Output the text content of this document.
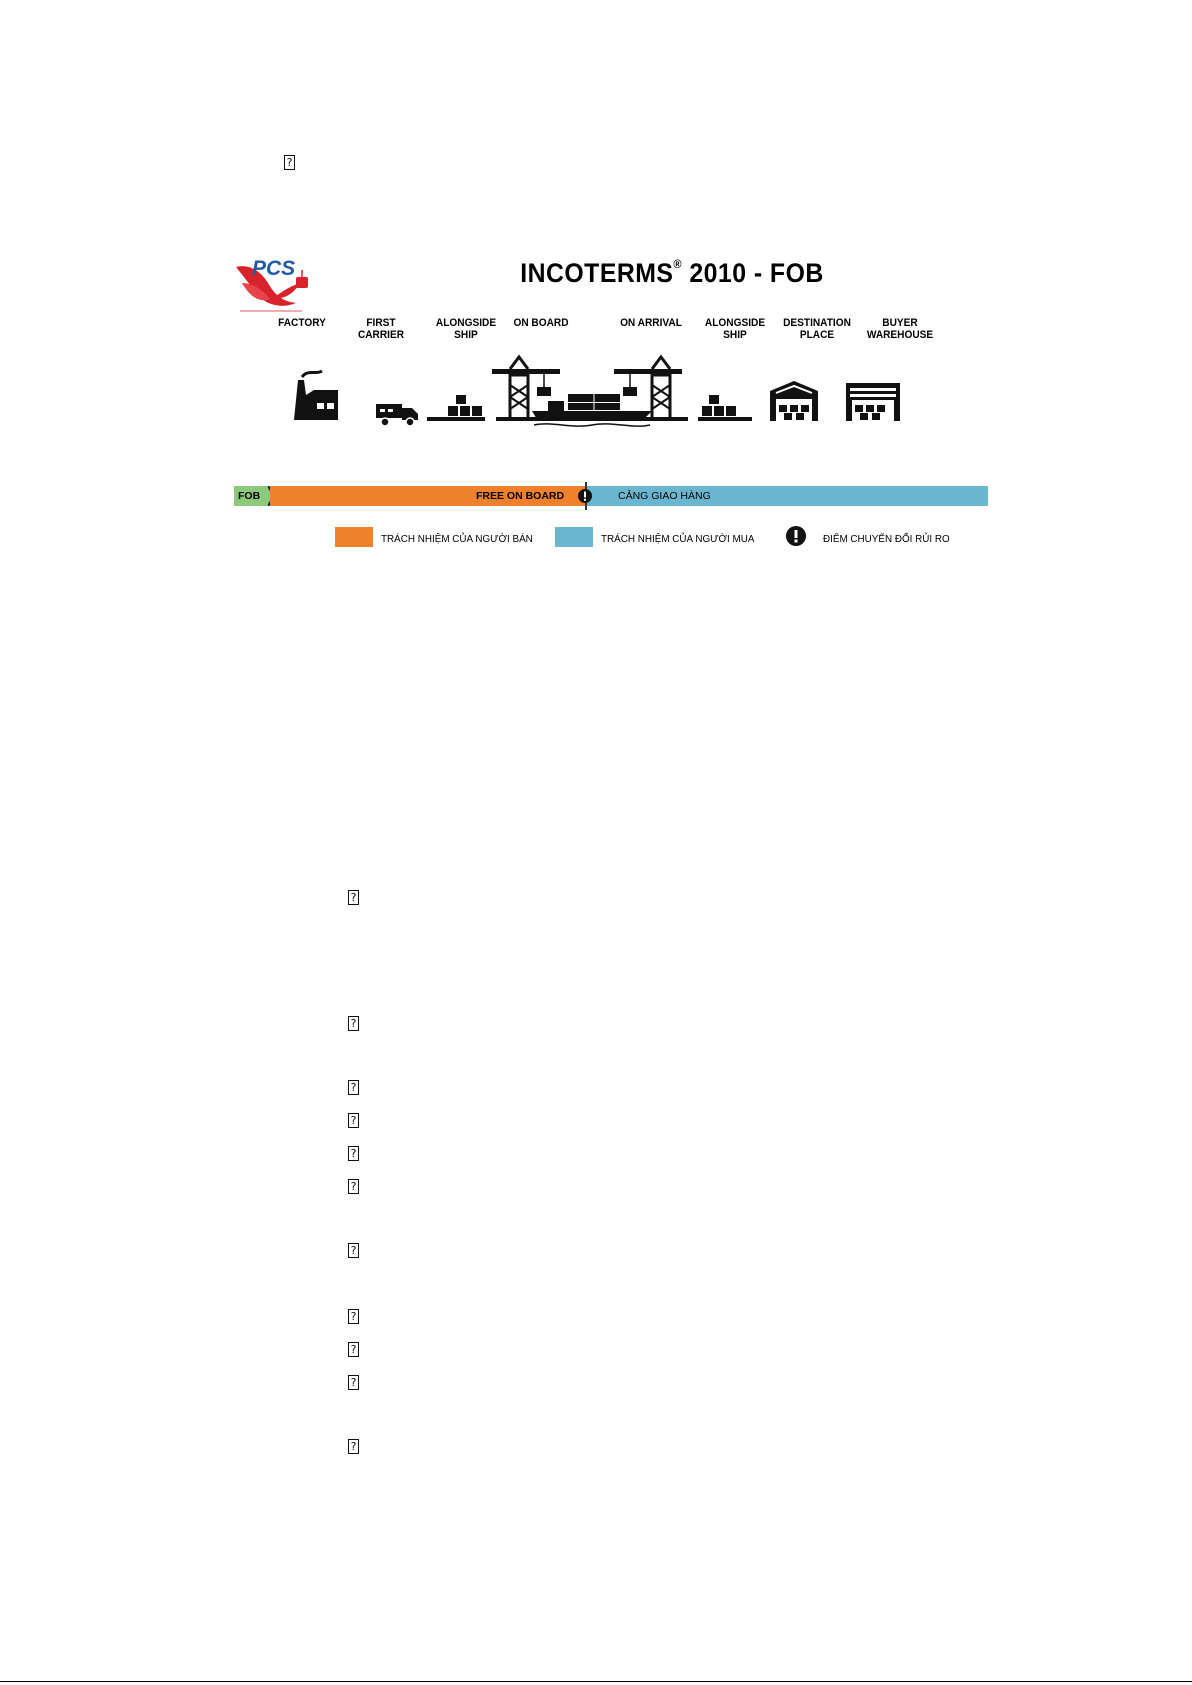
?
PCS	INCOTERMS® 2010 - FOB
FACTORY	FIRST
CARRIER
ALONGSIDE
SHIP
ON BOARD	ON ARRIVAL	ALONGSIDE
SHIP
DESTINATION
PLACE
BUYER
WAREHOUSE
FOB	FREE ON BOARD	CẢNG GIAO HÀNG
TRÁCH NHIỆM CỦA NGƯỜI BÁN	TRÁCH NHIỆM CỦA NGƯỜI MUA	ĐIỂM CHUYỂN ĐỔI RỦI RO
?
?
?
?
?
?
?
?
?
?
?
